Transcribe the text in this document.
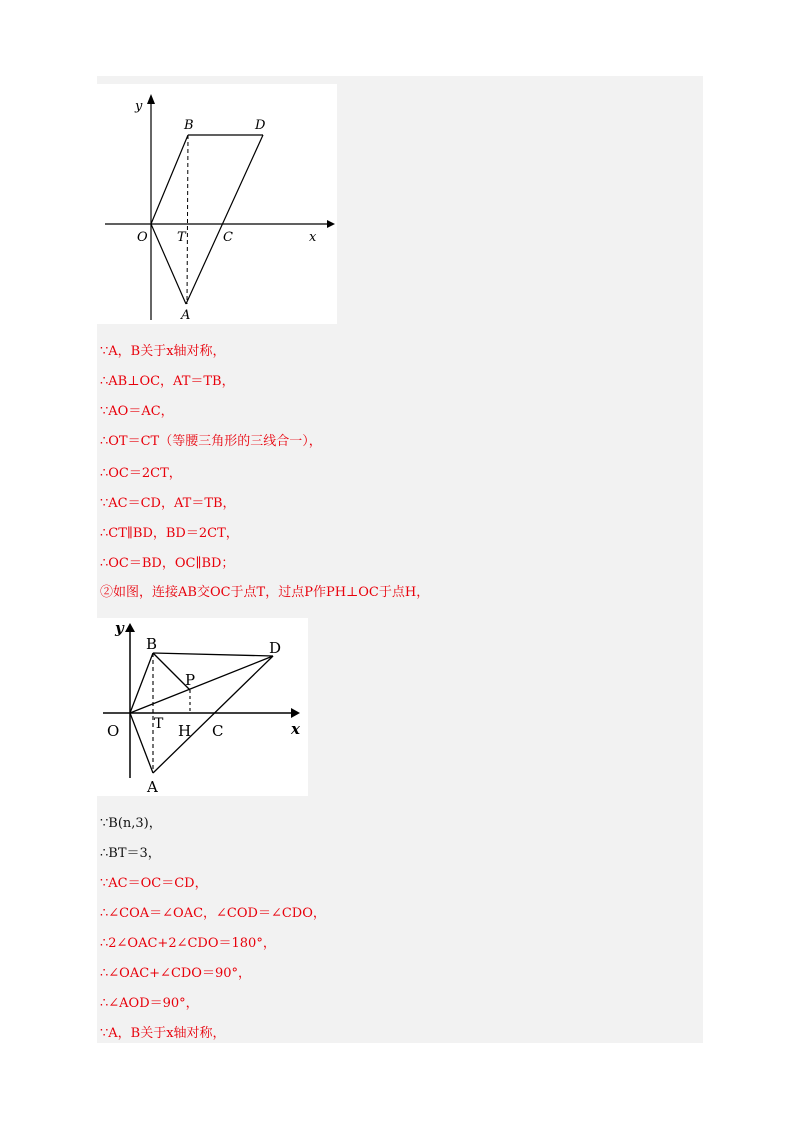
y
B	D
O T	C	x
A
∵A，B关于x轴对称，
∴AB⊥OC，AT＝TB，
∵AO＝AC，
∴OT＝CT（等腰三角形的三线合一），
∴OC＝2CT，
∵AC＝CD，AT＝TB，
∴CT∥BD，BD＝2CT，
∴OC＝BD，OC∥BD；
②如图，连接AB交OC于点T，过点P作PH⊥OC于点H，
y
B	D
P
O T H C	x
A
∵B(n,3)，
∴BT＝3，
∵AC＝OC＝CD，
∴∠COA＝∠OAC，∠COD＝∠CDO，
∴2∠OAC+2∠CDO＝180°，
∴∠OAC+∠CDO＝90°，
∴∠AOD＝90°，
∵A，B关于x轴对称，
